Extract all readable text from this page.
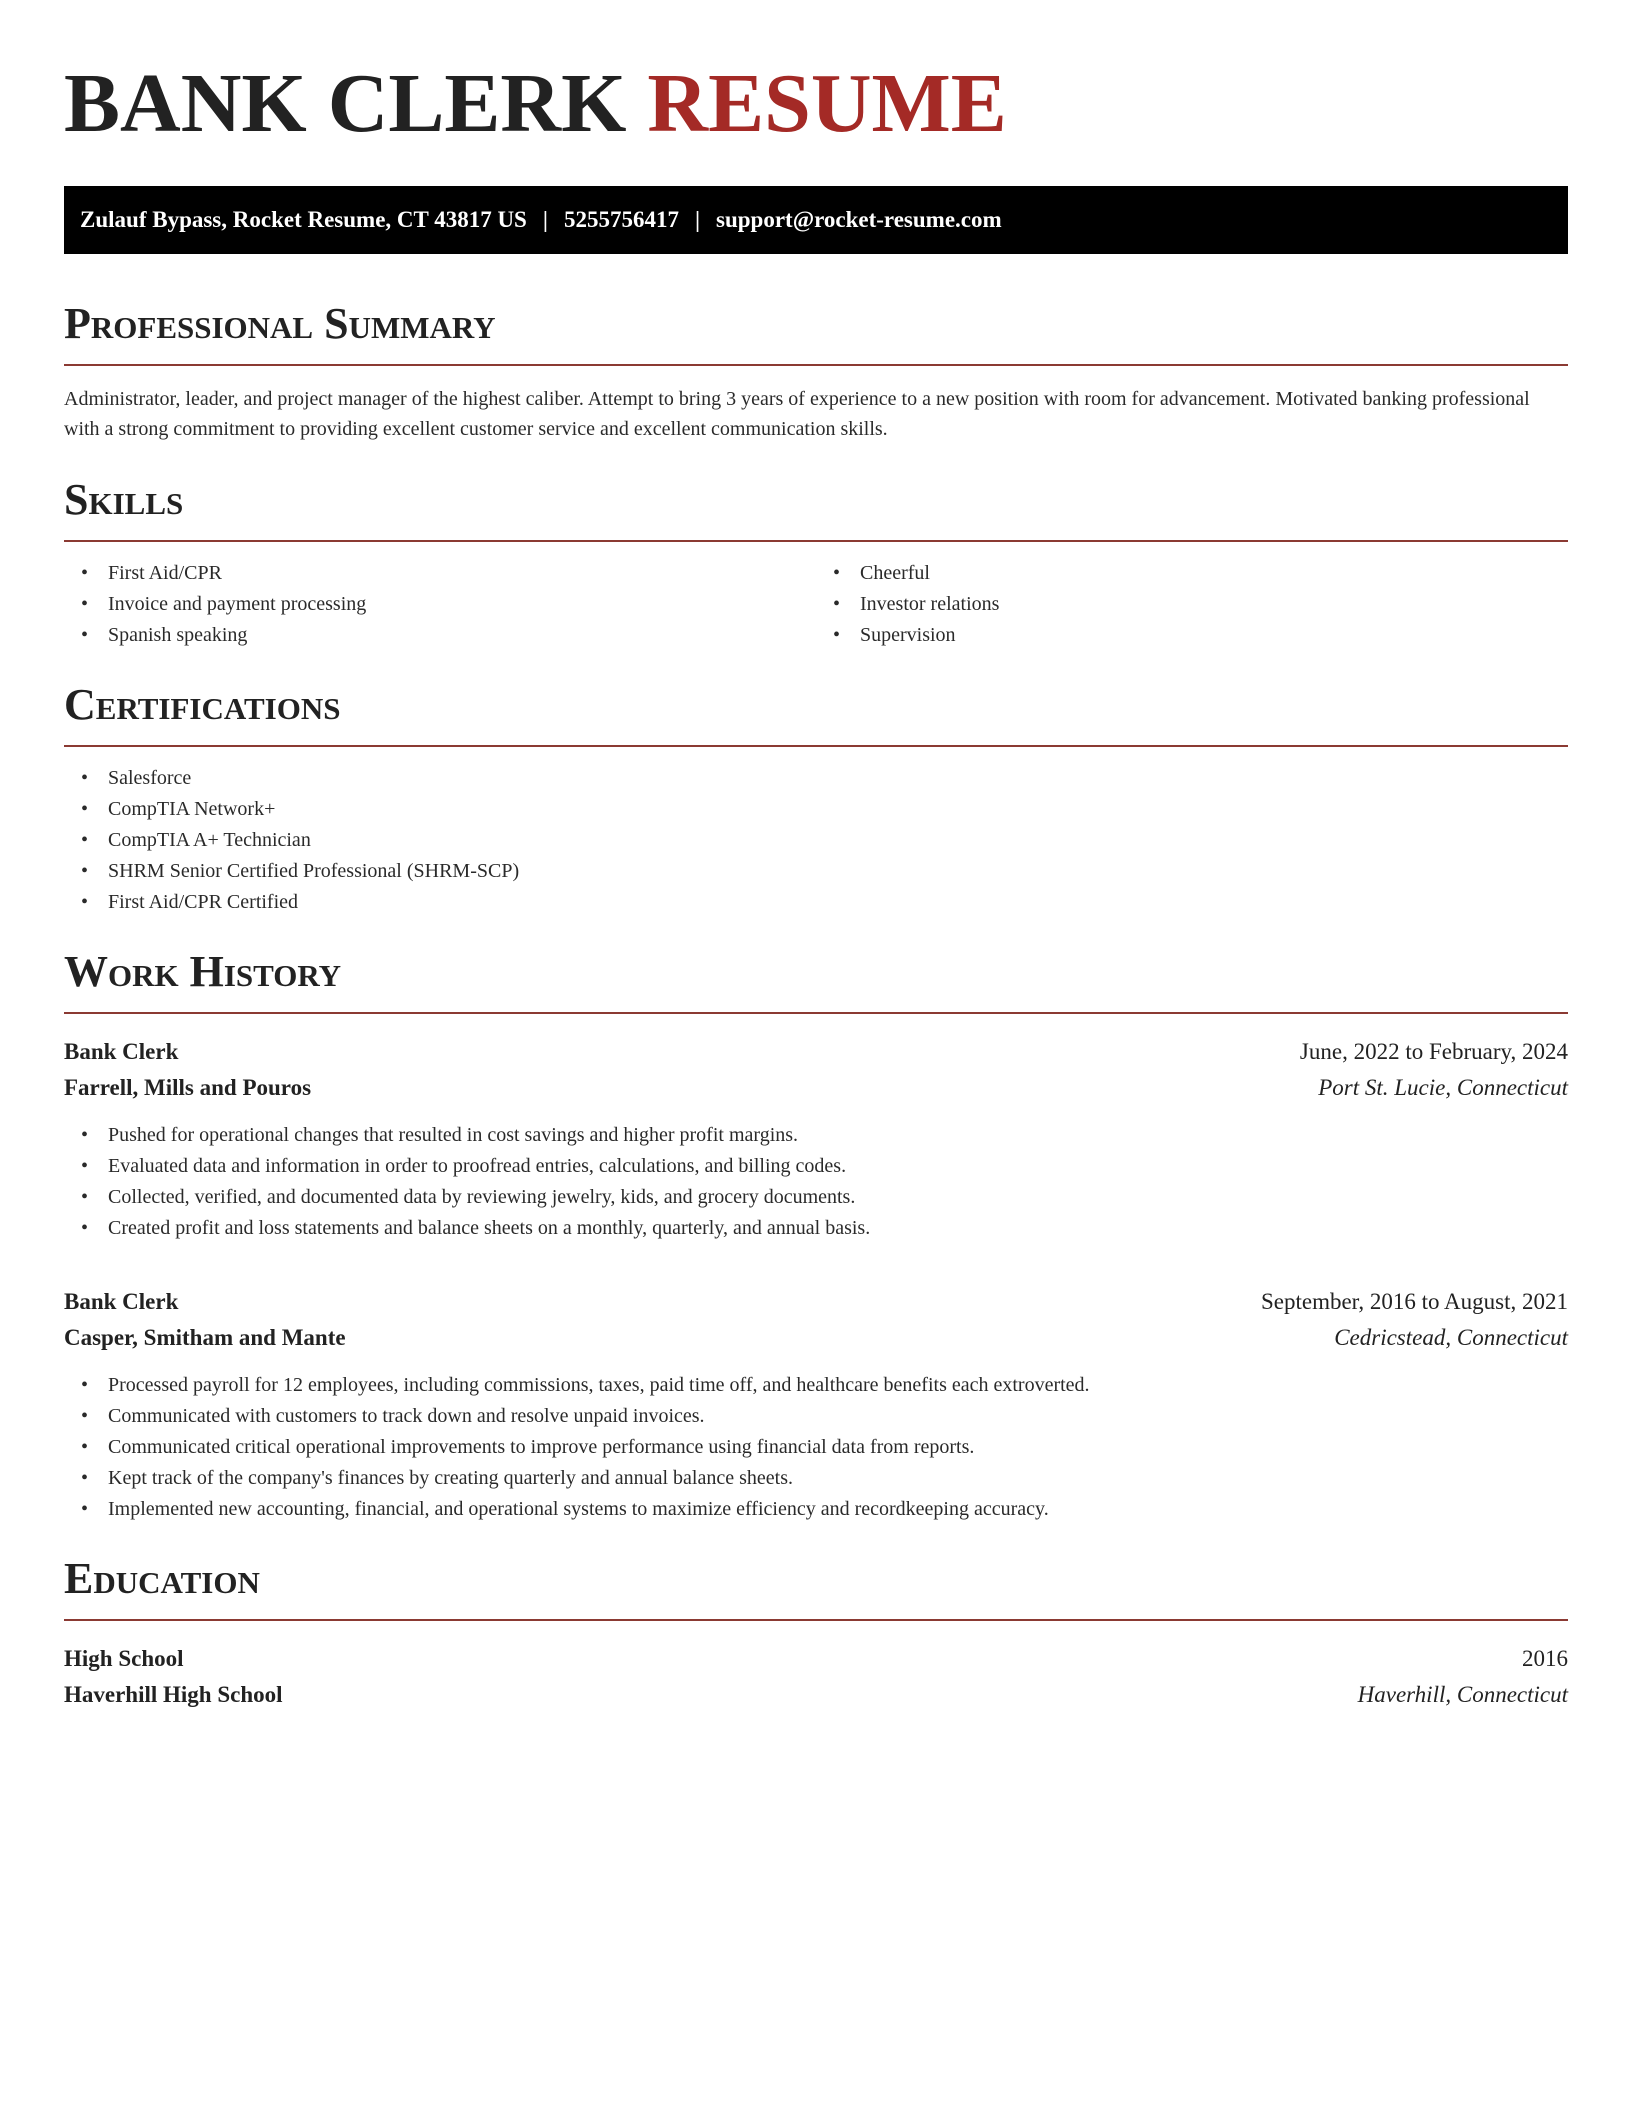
BANK CLERK RESUME
Zulauf Bypass, Rocket Resume, CT 43817 US | 5255756417 | support@rocket-resume.com
Professional Summary

Administrator, leader, and project manager of the highest caliber. Attempt to bring 3 years of experience to a new position with room for advancement. Motivated banking professional with a strong commitment to providing excellent customer service and excellent communication skills.

Skills
• First Aid/CPR
• Invoice and payment processing
• Spanish speaking
• Cheerful
• Investor relations
• Supervision
Certifications
• Salesforce
• CompTIA Network+
• CompTIA A+ Technician
• SHRM Senior Certified Professional (SHRM-SCP)
• First Aid/CPR Certified
Work History
Bank Clerk	June, 2022 to February, 2024
Farrell, Mills and Pouros	Port St. Lucie, Connecticut
• Pushed for operational changes that resulted in cost savings and higher profit margins.
• Evaluated data and information in order to proofread entries, calculations, and billing codes.
• Collected, verified, and documented data by reviewing jewelry, kids, and grocery documents.
• Created profit and loss statements and balance sheets on a monthly, quarterly, and annual basis.
Bank Clerk	September, 2016 to August, 2021
Casper, Smitham and Mante	Cedricstead, Connecticut
• Processed payroll for 12 employees, including commissions, taxes, paid time off, and healthcare benefits each extroverted.
• Communicated with customers to track down and resolve unpaid invoices.
• Communicated critical operational improvements to improve performance using financial data from reports.
• Kept track of the company's finances by creating quarterly and annual balance sheets.
• Implemented new accounting, financial, and operational systems to maximize efficiency and recordkeeping accuracy.
Education
High School	2016
Haverhill High School	Haverhill, Connecticut
